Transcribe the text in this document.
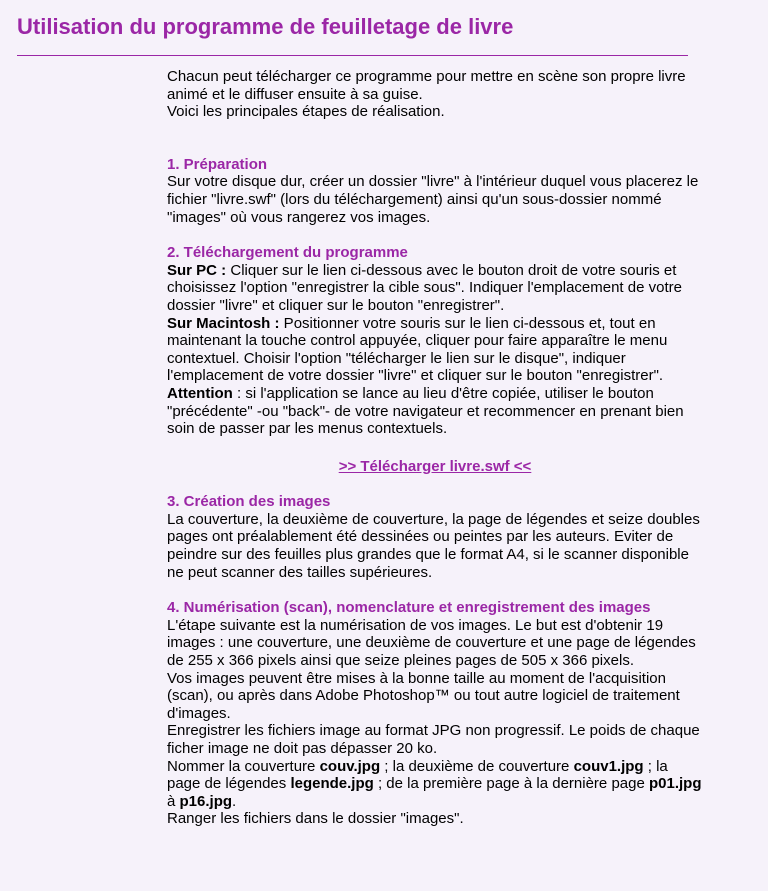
Utilisation du programme de feuilletage de livre

Chacun peut télécharger ce programme pour mettre en scène son propre livre animé et le diffuser ensuite à sa guise.

Voici les principales étapes de réalisation.

1. Préparation

Sur votre disque dur, créer un dossier "livre" à l'intérieur duquel vous placerez le fichier "livre.swf" (lors du téléchargement) ainsi qu'un sous-dossier nommé "images" où vous rangerez vos images.

2. Téléchargement du programme

Sur PC : Cliquer sur le lien ci-dessous avec le bouton droit de votre souris et choisissez l'option "enregistrer la cible sous". Indiquer l'emplacement de votre dossier "livre" et cliquer sur le bouton "enregistrer".

Sur Macintosh : Positionner votre souris sur le lien ci-dessous et, tout en maintenant la touche control appuyée, cliquer pour faire apparaître le menu contextuel. Choisir l'option "télécharger le lien sur le disque", indiquer l'emplacement de votre dossier "livre" et cliquer sur le bouton "enregistrer".

Attention : si l'application se lance au lieu d'être copiée, utiliser le bouton "précédente" -ou "back"- de votre navigateur et recommencer en prenant bien soin de passer par les menus contextuels.

>> Télécharger livre.swf <<

3. Création des images

La couverture, la deuxième de couverture, la page de légendes et seize doubles pages ont préalablement été dessinées ou peintes par les auteurs. Eviter de peindre sur des feuilles plus grandes que le format A4, si le scanner disponible ne peut scanner des tailles supérieures.

4. Numérisation (scan), nomenclature et enregistrement des images

L'étape suivante est la numérisation de vos images. Le but est d'obtenir 19 images : une couverture, une deuxième de couverture et une page de légendes de 255 x 366 pixels ainsi que seize pleines pages de 505 x 366 pixels.

Vos images peuvent être mises à la bonne taille au moment de l'acquisition (scan), ou après dans Adobe Photoshop™ ou tout autre logiciel de traitement d'images.

Enregistrer les fichiers image au format JPG non progressif. Le poids de chaque ficher image ne doit pas dépasser 20 ko.

Nommer la couverture couv.jpg ; la deuxième de couverture couv1.jpg ; la page de légendes legende.jpg ; de la première page à la dernière page p01.jpg à p16.jpg.

Ranger les fichiers dans le dossier "images".
